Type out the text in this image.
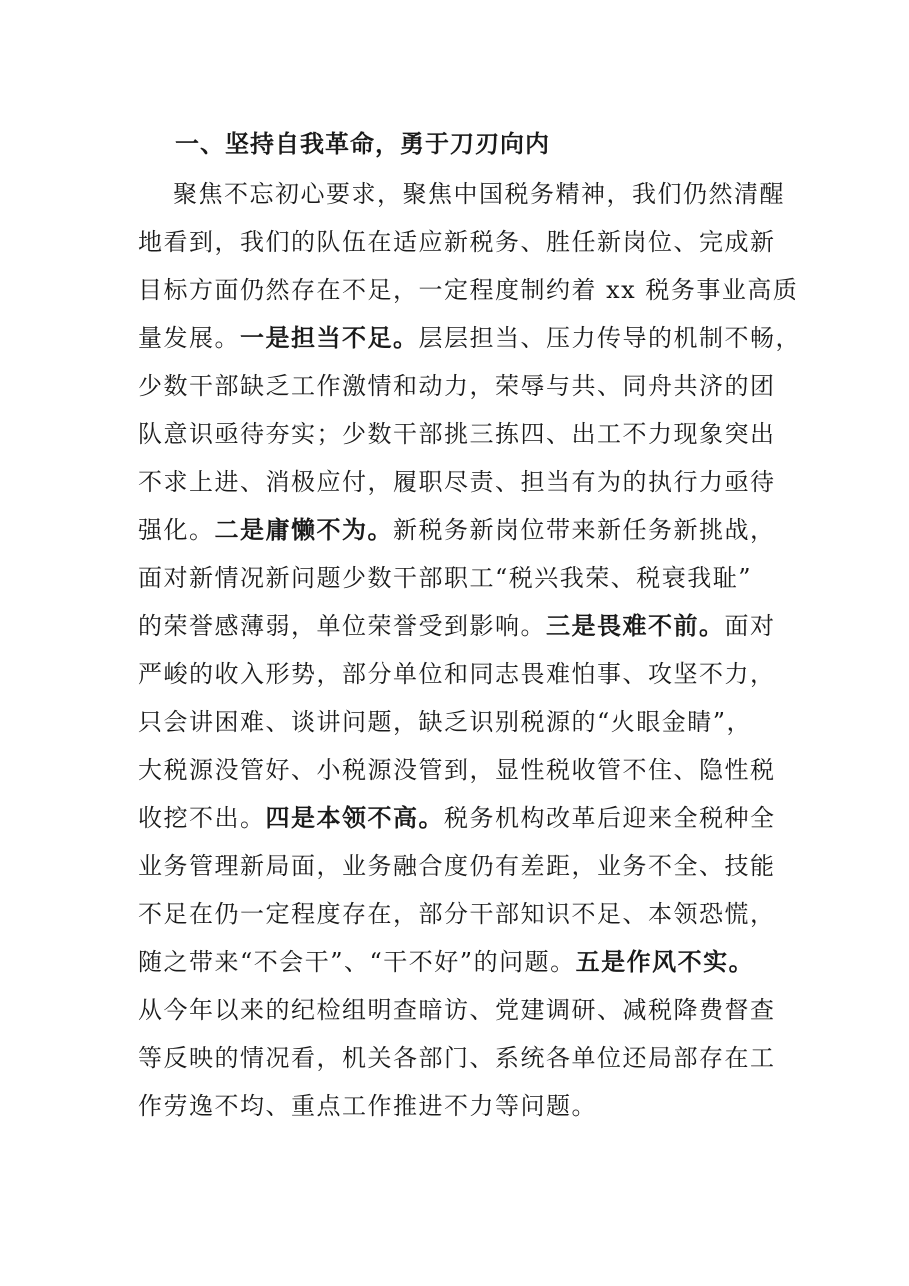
一、坚持自我革命，勇于刀刃向内
聚焦不忘初心要求，聚焦中国税务精神，我们仍然清醒
地看到，我们的队伍在适应新税务、胜任新岗位、完成新
目标方面仍然存在不足，一定程度制约着 xx 税务事业高质
量发展。一是担当不足。层层担当、压力传导的机制不畅，
少数干部缺乏工作激情和动力，荣辱与共、同舟共济的团
队意识亟待夯实；少数干部挑三拣四、出工不力现象突出
不求上进、消极应付，履职尽责、担当有为的执行力亟待
强化。二是庸懒不为。新税务新岗位带来新任务新挑战，
面对新情况新问题少数干部职工“税兴我荣、税衰我耻”
的荣誉感薄弱，单位荣誉受到影响。三是畏难不前。面对
严峻的收入形势，部分单位和同志畏难怕事、攻坚不力，
只会讲困难、谈讲问题，缺乏识别税源的“火眼金睛”，
大税源没管好、小税源没管到，显性税收管不住、隐性税
收挖不出。四是本领不高。税务机构改革后迎来全税种全
业务管理新局面，业务融合度仍有差距，业务不全、技能
不足在仍一定程度存在，部分干部知识不足、本领恐慌，
随之带来“不会干”、“干不好”的问题。五是作风不实。
从今年以来的纪检组明查暗访、党建调研、减税降费督查
等反映的情况看，机关各部门、系统各单位还局部存在工
作劳逸不均、重点工作推进不力等问题。
